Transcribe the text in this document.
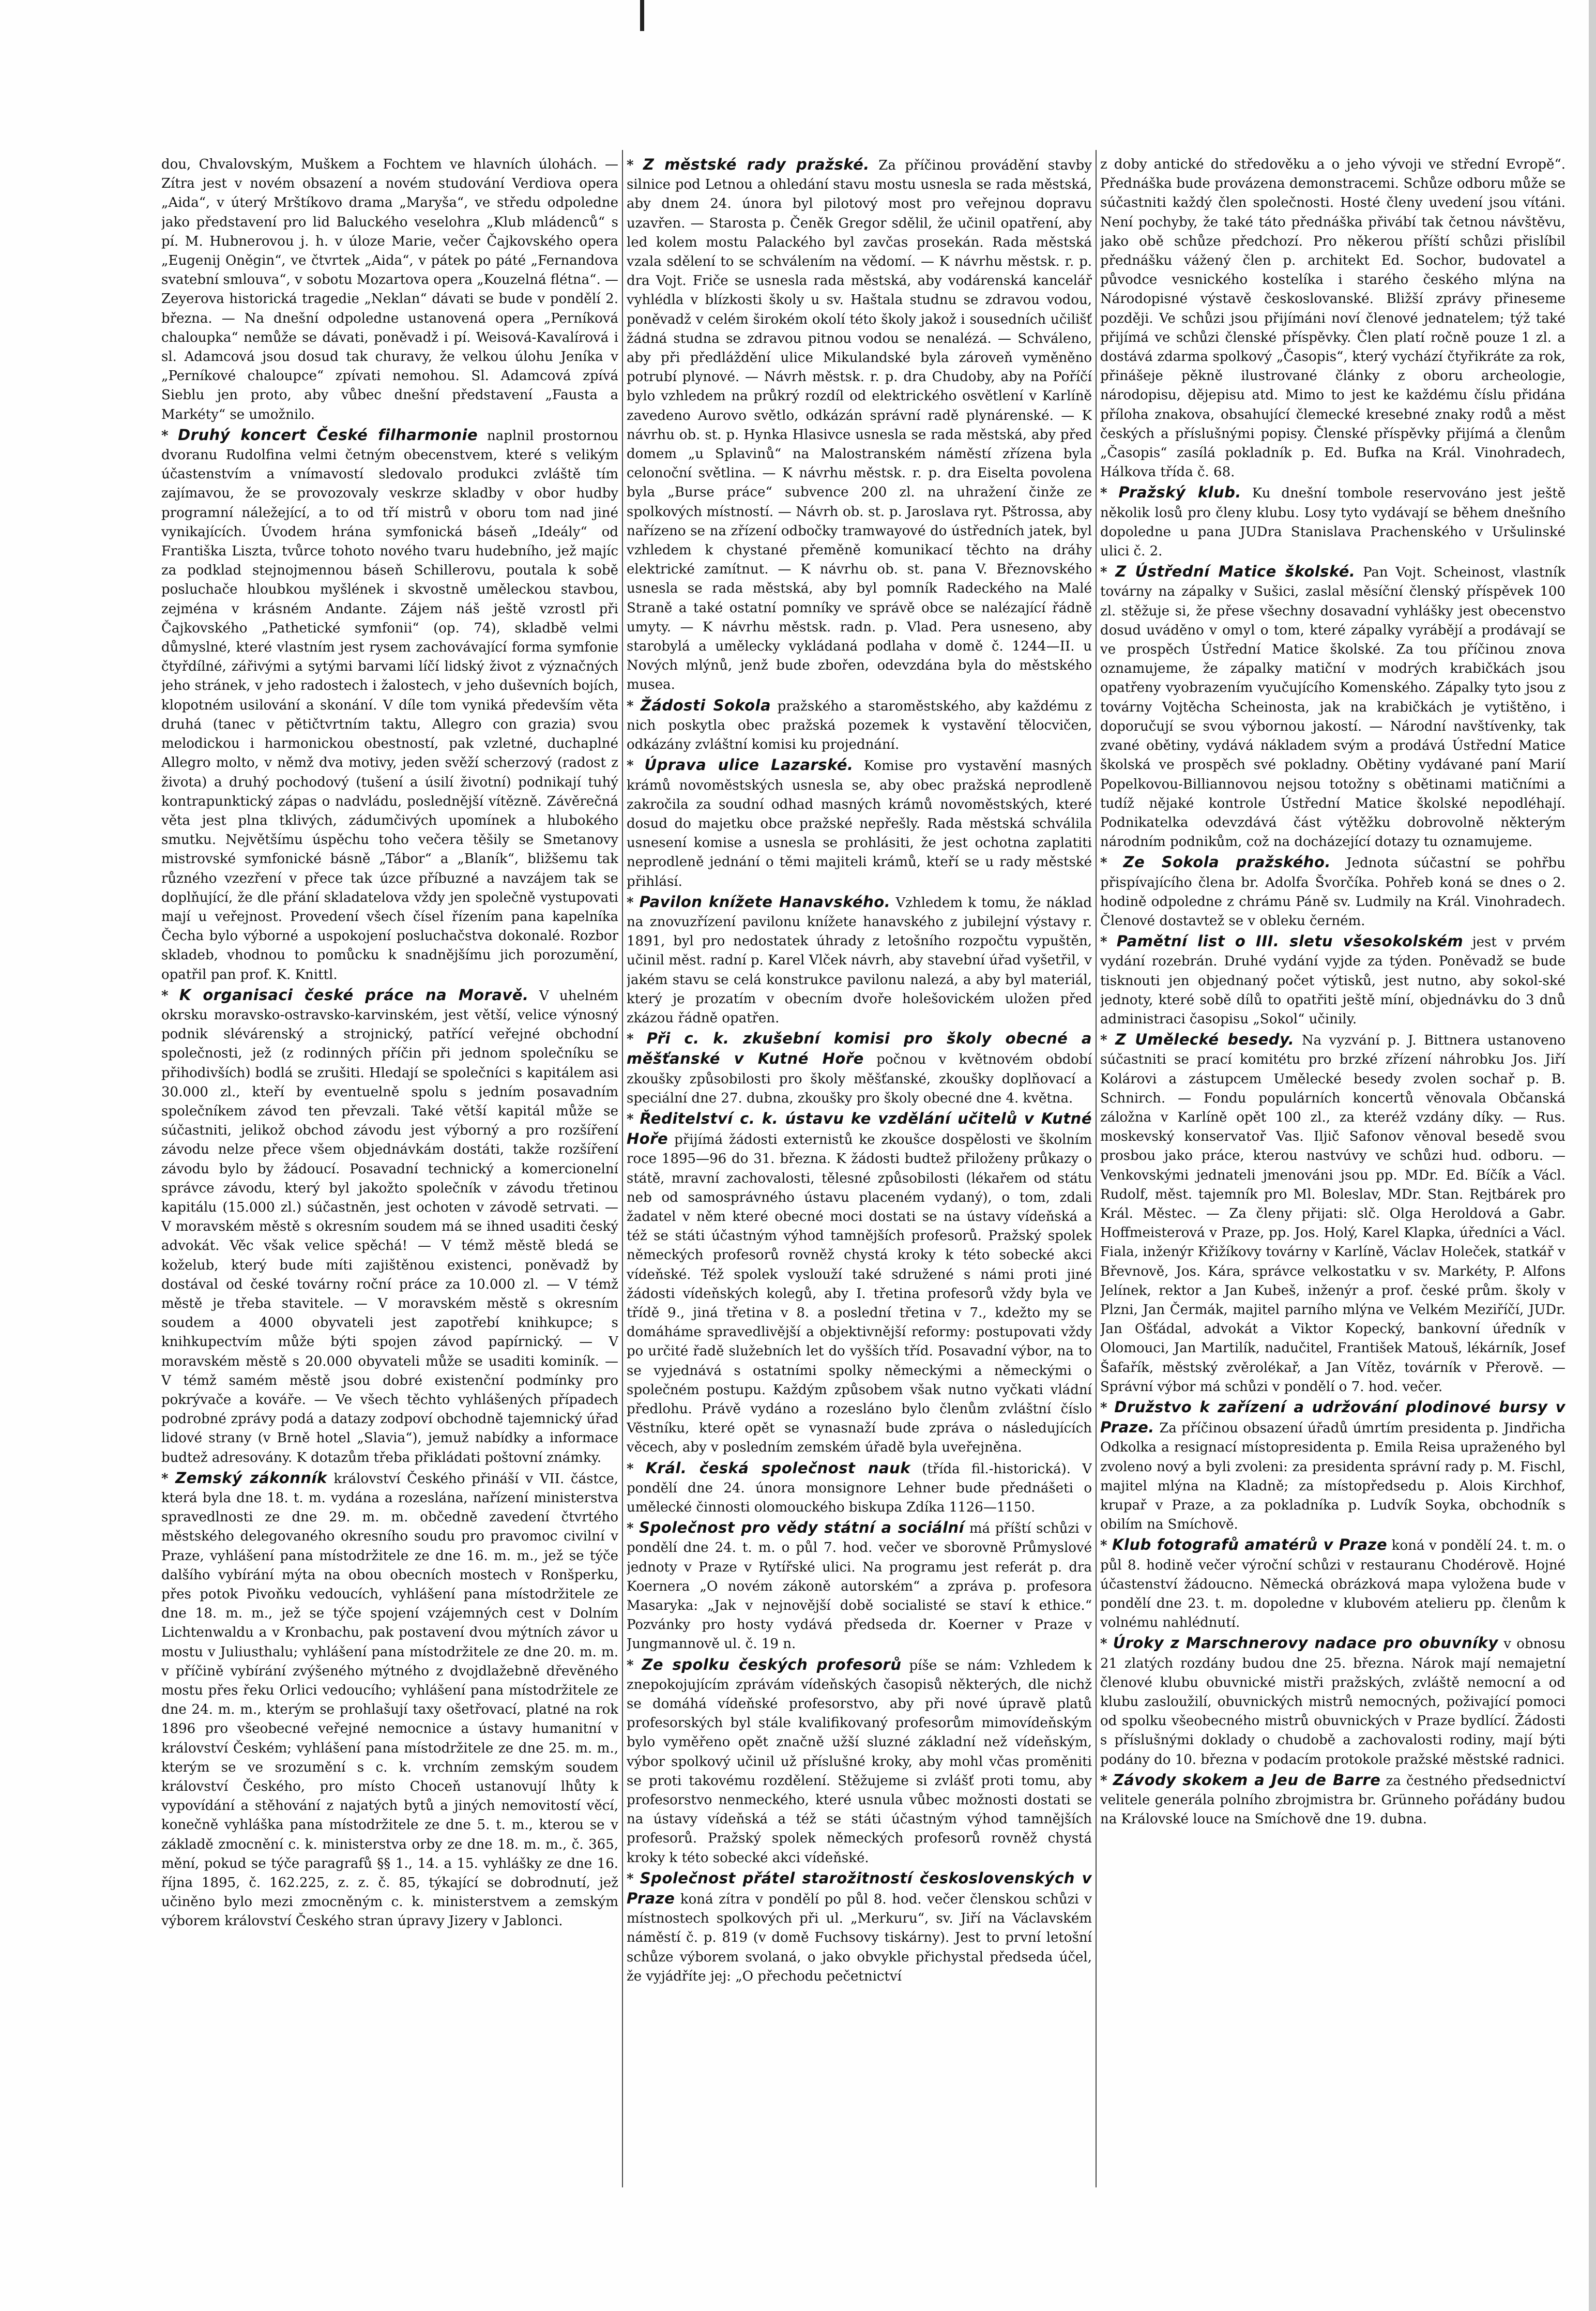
dou, Chvalovským, Muškem a Fochtem ve hlavních úlohách. — Zítra jest v novém obsazení a novém studování Verdiova opera „Aida“, v úterý Mrštíkovo drama „Maryša“, ve středu odpoledne jako představení pro lid Baluckého veselohra „Klub mládenců“ s pí. M. Hubnerovou j. h. v úloze Marie, večer Čajkovského opera „Eugenij Oněgin“, ve čtvrtek „Aida“, v pátek po páté „Fernandova svatební smlouva“, v sobotu Mozartova opera „Kouzelná flétna“. — Zeyerova historická tragedie „Neklan“ dávati se bude v pondělí 2. března. — Na dnešní odpoledne ustanovená opera „Perníková chaloupka“ nemůže se dávati, poněvadž i pí. Weisová-Kavalírová i sl. Adamcová jsou dosud tak churavy, že velkou úlohu Jeníka v „Perníkové chaloupce“ zpívati nemohou. Sl. Adamcová zpívá Sieblu jen proto, aby vůbec dnešní představení „Fausta a Markéty“ se umožnilo.

* Druhý koncert České filharmonie naplnil prostornou dvoranu Rudolfina velmi četným obecenstvem, které s velikým účastenstvím a vnímavostí sledovalo produkci zvláště tím zajímavou, že se provozovaly veskrze skladby v obor hudby programní náležející, a to od tří mistrů v oboru tom nad jiné vynikajících. Úvodem hrána symfonická báseň „Ideály“ od Františka Liszta, tvůrce tohoto nového tvaru hudebního, jež majíc za podklad stejnojmennou báseň Schillerovu, poutala k sobě posluchače hloubkou myšlének i skvostně uměleckou stavbou, zejména v krásném Andante. Zájem náš ještě vzrostl při Čajkovského „Pathetické symfonii“ (op. 74), skladbě velmi důmyslné, které vlastním jest rysem zachovávající forma symfonie čtyřdílné, zářivými a sytými barvami líčí lidský život z význačných jeho stránek, v jeho radostech i žalostech, v jeho duševních bojích, klopotném usilování a skonání. V díle tom vyniká především věta druhá (tanec v pětičtvrtním taktu, Allegro con grazia) svou melodickou i harmonickou obestností, pak vzletné, duchaplné Allegro molto, v němž dva motivy, jeden svěží scherzový (radost z života) a druhý pochodový (tušení a úsilí životní) podnikají tuhý kontrapunktický zápas o nadvládu, poslednější vítězně. Závěrečná věta jest plna tklivých, zádumčivých upomínek a hlubokého smutku. Největšímu úspěchu toho večera těšily se Smetanovy mistrovské symfonické básně „Tábor“ a „Blaník“, bližšemu tak různého vzezření v přece tak úzce příbuzné a navzájem tak se doplňující, že dle přání skladatelova vždy jen společně vystupovati mají u veřejnost. Provedení všech čísel řízením pana kapelníka Čecha bylo výborné a uspokojení posluchačstva dokonalé. Rozbor skladeb, vhodnou to pomůcku k snadnějšímu jich porozumění, opatřil pan prof. K. Knittl.

* K organisaci české práce na Moravě. V uhelném okrsku moravsko-ostravsko-karvinském, jest větší, velice výnosný podnik slévárenský a strojnický, patřící veřejné obchodní společnosti, jež (z rodinných příčin při jednom společníku se přihodivších) bodlá se zrušiti. Hledají se společníci s kapitálem asi 30.000 zl., kteří by eventuelně spolu s jedním posavadním společníkem závod ten převzali. Také větší kapitál může se súčastniti, jelikož obchod závodu jest výborný a pro rozšíření závodu nelze přece všem objednávkám dostáti, takže rozšíření závodu bylo by žádoucí. Posavadní technický a komercionelní správce závodu, který byl jakožto společník v závodu třetinou kapitálu (15.000 zl.) súčastněn, jest ochoten v závodě setrvati. — V moravském městě s okresním soudem má se ihned usaditi český advokát. Věc však velice spěchá! — V témž městě bledá se koželub, který bude míti zajištěnou existenci, poněvadž by dostával od české továrny roční práce za 10.000 zl. — V témž městě je třeba stavitele. — V moravském městě s okresním soudem a 4000 obyvateli jest zapotřebí knihkupce; s knihkupectvím může býti spojen závod papírnický. — V moravském městě s 20.000 obyvateli může se usaditi kominík. — V témž samém městě jsou dobré existenční podmínky pro pokrývače a kováře. — Ve všech těchto vyhlášených případech podrobné zprávy podá a datazy zodpoví obchodně tajemnický úřad lidové strany (v Brně hotel „Slavia“), jemuž nabídky a informace budtež adresovány. K dotazům třeba přikládati poštovní známky.

* Zemský zákonník království Českého přináší v VII. částce, která byla dne 18. t. m. vydána a rozeslána, nařízení ministerstva spravedlnosti ze dne 29. m. m. občedně zavedení čtvrtého městského delegovaného okresního soudu pro pravomoc civilní v Praze, vyhlášení pana místodržitele ze dne 16. m. m., jež se týče dalšího vybírání mýta na obou obecních mostech v Ronšperku, přes potok Pivoňku vedoucích, vyhlášení pana místodržitele ze dne 18. m. m., jež se týče spojení vzájemných cest v Dolním Lichtenwaldu a v Kronbachu, pak postavení dvou mýtních závor u mostu v Juliusthalu; vyhlášení pana místodržitele ze dne 20. m. m. v příčině vybírání zvýšeného mýtného z dvojdlažebně dřevěného mostu přes řeku Orlici vedoucího; vyhlášení pana místodržitele ze dne 24. m. m., kterým se prohlašují taxy ošetřovací, platné na rok 1896 pro všeobecné veřejné nemocnice a ústavy humanitní v království Českém; vyhlášení pana místodržitele ze dne 25. m. m., kterým se ve srozumění s c. k. vrchním zemským soudem království Českého, pro místo Choceň ustanovují lhůty k vypovídání a stěhování z najatých bytů a jiných nemovitostí věcí, konečně vyhláška pana místodržitele ze dne 5. t. m., kterou se v základě zmocnění c. k. ministerstva orby ze dne 18. m. m., č. 365, mění, pokud se týče paragrafů §§ 1., 14. a 15. vyhlášky ze dne 16. října 1895, č. 162.225, z. z. č. 85, týkající se dobrodnutí, jež učiněno bylo mezi zmocněným c. k. ministerstvem a zemským výborem království Českého stran úpravy Jizery v Jablonci.

* Z městské rady pražské. Za příčinou provádění stavby silnice pod Letnou a ohledání stavu mostu usnesla se rada městská, aby dnem 24. února byl pilotový most pro veřejnou dopravu uzavřen. — Starosta p. Čeněk Gregor sdělil, že učinil opatření, aby led kolem mostu Palackého byl zavčas prosekán. Rada městská vzala sdělení to se schválením na vědomí. — K návrhu městsk. r. p. dra Vojt. Friče se usnesla rada městská, aby vodárenská kancelář vyhlédla v blízkosti školy u sv. Haštala studnu se zdravou vodou, poněvadž v celém širokém okolí této školy jakož i sousedních učilišť žádná studna se zdravou pitnou vodou se nenalézá. — Schváleno, aby při předláždění ulice Mikulandské byla zároveň vyměněno potrubí plynové. — Návrh městsk. r. p. dra Chudoby, aby na Poříčí bylo vzhledem na průkrý rozdíl od elektrického osvětlení v Karlíně zavedeno Aurovo světlo, odkázán správní radě plynárenské. — K návrhu ob. st. p. Hynka Hlasivce usnesla se rada městská, aby před domem „u Splavinů“ na Malostranském náměstí zřízena byla celonoční světlina. — K návrhu městsk. r. p. dra Eiselta povolena byla „Burse práce“ subvence 200 zl. na uhražení činže ze spolkových místností. — Návrh ob. st. p. Jaroslava ryt. Pštrossa, aby nařízeno se na zřízení odbočky tramwayové do ústředních jatek, byl vzhledem k chystané přeměně komunikací těchto na dráhy elektrické zamítnut. — K návrhu ob. st. pana V. Březnovského usnesla se rada městská, aby byl pomník Radeckého na Malé Straně a také ostatní pomníky ve správě obce se nalézající řádně umyty. — K návrhu městsk. radn. p. Vlad. Pera usneseno, aby starobylá a umělecky vykládaná podlaha v domě č. 1244—II. u Nových mlýnů, jenž bude zbořen, odevzdána byla do městského musea.

* Žádosti Sokola pražského a staroměstského, aby každému z nich poskytla obec pražská pozemek k vystavění tělocvičen, odkázány zvláštní komisi ku projednání.

* Úprava ulice Lazarské. Komise pro vystavění masných krámů novoměstských usnesla se, aby obec pražská neprodleně zakročila za soudní odhad masných krámů novoměstských, které dosud do majetku obce pražské nepřešly. Rada městská schválila usnesení komise a usnesla se prohlásiti, že jest ochotna zaplatiti neprodleně jednání o těmi majiteli krámů, kteří se u rady městské přihlásí.

* Pavilon knížete Hanavského. Vzhledem k tomu, že náklad na znovuzřízení pavilonu knížete hanavského z jubilejní výstavy r. 1891, byl pro nedostatek úhrady z letošního rozpočtu vypuštěn, učinil měst. radní p. Karel Vlček návrh, aby stavební úřad vyšetřil, v jakém stavu se celá konstrukce pavilonu nalezá, a aby byl materiál, který je prozatím v obecním dvoře holešovickém uložen před zkázou řádně opatřen.

* Při c. k. zkušební komisi pro školy obecné a měšťanské v Kutné Hoře počnou v květnovém období zkoušky způsobilosti pro školy měšťanské, zkoušky doplňovací a speciální dne 27. dubna, zkoušky pro školy obecné dne 4. května.

* Ředitelství c. k. ústavu ke vzdělání učitelů v Kutné Hoře přijímá žádosti externistů ke zkoušce dospělosti ve školním roce 1895—96 do 31. března. K žádosti budtež přiloženy průkazy o státě, mravní zachovalosti, tělesné způsobilosti (lékařem od státu neb od samosprávného ústavu placeném vydaný), o tom, zdali žadatel v něm které obecné moci dostati se na ústavy vídeňská a též se státi účastným výhod tamnějších profesorů. Pražský spolek německých profesorů rovněž chystá kroky k této sobecké akci vídeňské. Též spolek vyslouží také sdružené s námi proti jiné žádosti vídeňských kolegů, aby I. třetina profesorů vždy byla ve třídě 9., jiná třetina v 8. a poslední třetina v 7., kdežto my se domáháme spravedlivější a objektivnější reformy: postupovati vždy po určité řadě služebních let do vyšších tříd. Posavadní výbor, na to se vyjednává s ostatními spolky německými a německými o společném postupu. Každým způsobem však nutno vyčkati vládní předlohu. Právě vydáno a rozesláno bylo členům zvláštní číslo Věstníku, které opět se vynasnaží bude zpráva o následujících věcech, aby v posledním zemském úřadě byla uveřejněna.

* Král. česká společnost nauk (třída fil.-historická). V pondělí dne 24. února monsignore Lehner bude přednášeti o umělecké činnosti olomouckého biskupa Zdíka 1126—1150.

* Společnost pro vědy státní a sociální má příští schůzi v pondělí dne 24. t. m. o půl 7. hod. večer ve sborovně Průmyslové jednoty v Praze v Rytířské ulici. Na programu jest referát p. dra Koernera „O novém zákoně autorském“ a zpráva p. profesora Masaryka: „Jak v nejnovější době socialisté se staví k ethice.“ Pozvánky pro hosty vydává předseda dr. Koerner v Praze v Jungmannově ul. č. 19 n.

* Ze spolku českých profesorů píše se nám: Vzhledem k znepokojujícím zprávám vídeňských časopisů některých, dle nichž se domáhá vídeňské profesorstvo, aby při nové úpravě platů profesorských byl stále kvalifikovaný profesorům mimovídeňským bylo vyměřeno opět značně užší sluzné základní než vídeňským, výbor spolkový učinil už příslušné kroky, aby mohl včas proměniti se proti takovému rozdělení. Stěžujeme si zvlášť proti tomu, aby profesorstvo nenmeckého, které usnula vůbec možnosti dostati se na ústavy vídeňská a též se státi účastným výhod tamnějších profesorů. Pražský spolek německých profesorů rovněž chystá kroky k této sobecké akci vídeňské.

* Společnost přátel starožitností československých v Praze koná zítra v pondělí po půl 8. hod. večer členskou schůzi v místnostech spolkových při ul. „Merkuru“, sv. Jiří na Václavském náměstí č. p. 819 (v domě Fuchsovy tiskárny). Jest to první letošní schůze výborem svolaná, o jako obvykle přichystal předseda účel, že vyjádříte jej: „O přechodu pečetnictví

z doby antické do středověku a o jeho vývoji ve střední Evropě“. Přednáška bude provázena demonstracemi. Schůze odboru může se súčastniti každý člen společnosti. Hosté členy uvedení jsou vítáni. Není pochyby, že také táto přednáška přivábí tak četnou návštěvu, jako obě schůze předchozí. Pro někerou příští schůzi přislíbil přednášku vážený člen p. architekt Ed. Sochor, budovatel a původce vesnického kostelíka i starého českého mlýna na Národopisné výstavě českoslovanské. Bližší zprávy přineseme později. Ve schůzi jsou přijímáni noví členové jednatelem; týž také přijímá ve schůzi členské příspěvky. Člen platí ročně pouze 1 zl. a dostává zdarma spolkový „Časopis“, který vychází čtyřikráte za rok, přinášeje pěkně ilustrované články z oboru archeologie, národopisu, dějepisu atd. Mimo to jest ke každému číslu přidána příloha znakova, obsahující člemecké kresebné znaky rodů a měst českých a příslušnými popisy. Členské příspěvky přijímá a členům „Časopis“ zasílá pokladník p. Ed. Bufka na Král. Vinohradech, Hálkova třída č. 68.

* Pražský klub. Ku dnešní tombole reservováno jest ještě několik losů pro členy klubu. Losy tyto vydávají se během dnešního dopoledne u pana JUDra Stanislava Prachenského v Uršulinské ulici č. 2.

* Z Ústřední Matice školské. Pan Vojt. Scheinost, vlastník továrny na zápalky v Sušici, zaslal měsíční členský příspěvek 100 zl. stěžuje si, že přese všechny dosavadní vyhlášky jest obecenstvo dosud uváděno v omyl o tom, které zápalky vyrábějí a prodávají se ve prospěch Ústřední Matice školské. Za tou příčinou znova oznamujeme, že zápalky matiční v modrých krabičkách jsou opatřeny vyobrazením vyučujícího Komenského. Zápalky tyto jsou z továrny Vojtěcha Scheinosta, jak na krabičkách je vytištěno, i doporučují se svou výbornou jakostí. — Národní navštívenky, tak zvané obětiny, vydává nákladem svým a prodává Ústřední Matice školská ve prospěch své pokladny. Obětiny vydávané paní Marií Popelkovou-Billiannovou nejsou totožny s obětinami matičními a tudíž nějaké kontrole Ústřední Matice školské nepodléhají. Podnikatelka odevzdává část výtěžku dobrovolně některým národním podnikům, což na docházející dotazy tu oznamujeme.

* Ze Sokola pražského. Jednota súčastní se pohřbu přispívajícího člena br. Adolfa Švorčíka. Pohřeb koná se dnes o 2. hodině odpoledne z chrámu Páně sv. Ludmily na Král. Vinohradech. Členové dostavtež se v obleku černém.

* Pamětní list o III. sletu všesokolském jest v prvém vydání rozebrán. Druhé vydání vyjde za týden. Poněvadž se bude tisknouti jen objednaný počet výtisků, jest nutno, aby sokol-ské jednoty, které sobě dílů to opatřiti ještě míní, objednávku do 3 dnů administraci časopisu „Sokol“ učinily.

* Z Umělecké besedy. Na vyzvání p. J. Bittnera ustanoveno súčastniti se prací komitétu pro brzké zřízení náhrobku Jos. Jiří Kolárovi a zástupcem Umělecké besedy zvolen sochař p. B. Schnirch. — Fondu populárních koncertů věnovala Občanská záložna v Karlíně opět 100 zl., za kteréž vzdány díky. — Rus. moskevský konservatoř Vas. Iljič Safonov věnoval besedě svou prosbou jako práce, kterou nastvúvy ve schůzi hud. odboru. — Venkovskými jednateli jmenováni jsou pp. MDr. Ed. Bíčík a Václ. Rudolf, měst. tajemník pro Ml. Boleslav, MDr. Stan. Rejtbárek pro Král. Městec. — Za členy přijati: slč. Olga Heroldová a Gabr. Hoffmeisterová v Praze, pp. Jos. Holý, Karel Klapka, úředníci a Václ. Fiala, inženýr Křižíkovy továrny v Karlíně, Václav Holeček, statkář v Břevnově, Jos. Kára, správce velkostatku v sv. Markéty, P. Alfons Jelínek, rektor a Jan Kubeš, inženýr a prof. české prům. školy v Plzni, Jan Čermák, majitel parního mlýna ve Velkém Meziříčí, JUDr. Jan Ošťádal, advokát a Viktor Kopecký, bankovní úředník v Olomouci, Jan Martilík, nadučitel, František Matouš, lékárník, Josef Šafařík, městský zvěrolékař, a Jan Vítěz, továrník v Přerově. — Správní výbor má schůzi v pondělí o 7. hod. večer.

* Družstvo k zařízení a udržování plodinové bursy v Praze. Za příčinou obsazení úřadů úmrtím presidenta p. Jindřicha Odkolka a resignací místopresidenta p. Emila Reisa upraženého byl zvoleno nový a byli zvoleni: za presidenta správní rady p. M. Fischl, majitel mlýna na Kladně; za místopředsedu p. Alois Kirchhof, krupař v Praze, a za pokladníka p. Ludvík Soyka, obchodník s obilím na Smíchově.

* Klub fotografů amatérů v Praze koná v pondělí 24. t. m. o půl 8. hodině večer výroční schůzi v restauranu Chodérově. Hojné účastenství žádoucno. Německá obrázková mapa vyložena bude v pondělí dne 23. t. m. dopoledne v klubovém atelieru pp. členům k volnému nahlédnutí.

* Úroky z Marschnerovy nadace pro obuvníky v obnosu 21 zlatých rozdány budou dne 25. března. Nárok mají nemajetní členové klubu obuvnické mistři pražských, zvláště nemocní a od klubu zasloužilí, obuvnických mistrů nemocných, poživající pomoci od spolku všeobecného mistrů obuvnických v Praze bydlící. Žádosti s příslušnými doklady o chudobě a zachovalosti rodiny, mají býti podány do 10. března v podacím protokole pražské městské radnici.

* Závody skokem a Jeu de Barre za čestného předsednictví velitele generála polního zbrojmistra br. Grünneho pořádány budou na Královské louce na Smíchově dne 19. dubna.
